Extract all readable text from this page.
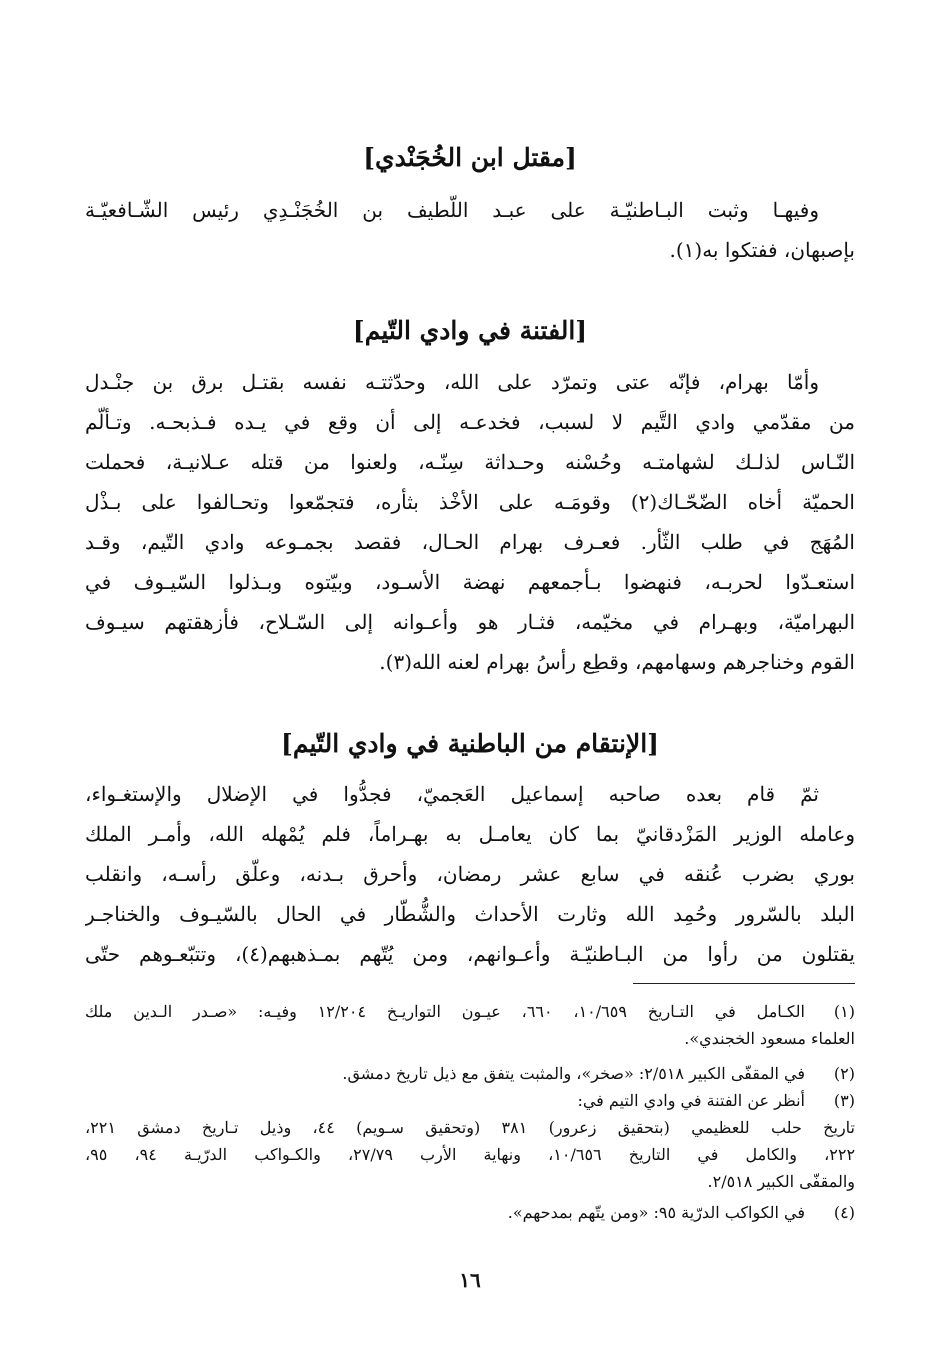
[مقتل ابن الخُجَنْدي]
وفيهـا وثبت البـاطنيّـة على عبـد اللّطيف بن الخُجَنْـدِي رئيس الشّـافعيّـة
بإصبهان، ففتكوا به(١).
[الفتنة في وادي التّيم]
وأمّا بهرام، فإنّه عتى وتمرّد على الله، وحدّثتـه نفسه بقتـل برق بن جنْـدل
من مقدّمي وادي التَّيم لا لسبب، فخدعـه إلى أن وقع في يـده فـذبحـه. وتـألّم
النّـاس لذلـك لشهامتـه وحُسْنه وحـداثة سِنّـه، ولعنوا من قتله عـلانيـة، فحملت
الحميّة أخاه الضّحّـاك(٢) وقومَـه على الأخْذ بثأره، فتجمّعوا وتحـالفوا على بـذْل
المُهَج في طلب الثّأر. فعـرف بهرام الحـال، فقصد بجمـوعه وادي التّيم، وقـد
استعـدّوا لحربـه، فنهضوا بـأجمعهم نهضة الأسـود، وبيّتوه وبـذلوا السّيـوف في
البهراميّة، وبهـرام في مخيّمه، فثـار هو وأعـوانه إلى السّـلاح، فأزهقتهم سيـوف
القوم وخناجرهم وسهامهم، وقطِع رأسُ بهرام لعنه الله(٣).
[الإنتقام من الباطنية في وادي التّيم]
ثمّ قام بعده صاحبه إسماعيل العَجميّ، فجدُّوا في الإضلال والإستغـواء،
وعامله الوزير المَزْدقانيّ بما كان يعامـل به بهـراماً، فلم يُمْهله الله، وأمـر الملك
بوري بضرب عُنقه في سابع عشر رمضان، وأحرق بـدنه، وعلّق رأسـه، وانقلب
البلد بالسّرور وحُمِد الله وثارت الأحداث والشُّطّار في الحال بالسّيـوف والخناجـر
يقتلون من رأوا من البـاطنيّـة وأعـوانهم، ومن يُتّهم بمـذهبهم(٤)، وتتبّعـوهم حتّى
(١)
الكـامل في التـاريخ ١٠/٦٥٩، ٦٦٠، عيـون التواريـخ ١٢/٢٠٤ وفيـه: «صـدر الـدين ملك
العلماء مسعود الخجندي».
(٢)
في المقفّى الكبير ٢/٥١٨: «صخر»، والمثبت يتفق مع ذيل تاريخ دمشق.
(٣)
أنظر عن الفتنة في وادي التيم في:
تاريخ حلب للعظيمي (بتحقيق زعرور) ٣٨١ (وتحقيق سـويم) ٤٤، وذيل تـاريخ دمشق ٢٢١،
٢٢٢، والكامل في التاريخ ١٠/٦٥٦، ونهاية الأرب ٢٧/٧٩، والكـواكب الدرّيـة ٩٤، ٩٥،
والمقفّى الكبير ٢/٥١٨.
(٤)
في الكواكب الدرّية ٩٥: «ومن يتّهم بمدحهم».
١٦
